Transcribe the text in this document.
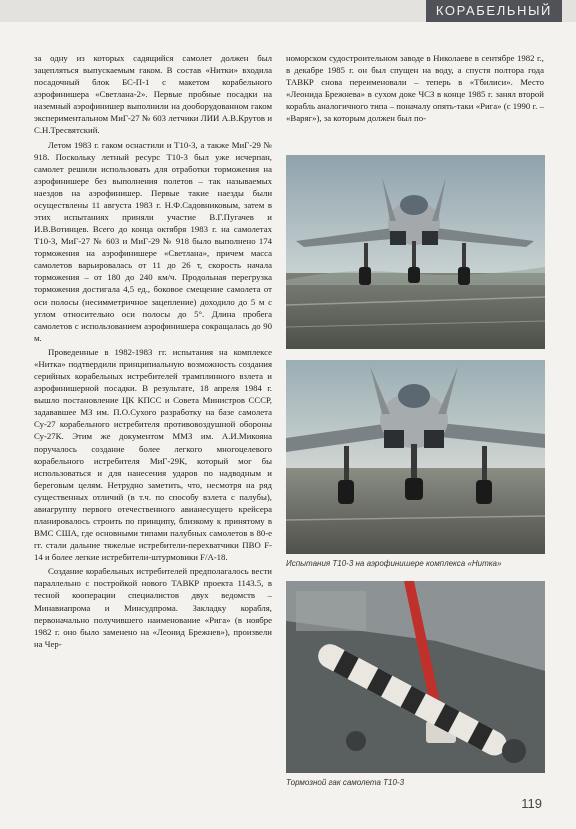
КОРАБЕЛЬНЫЙ

за одну из которых садящийся самолет должен был зацепляться выпускаемым гаком. В состав «Нитки» входила посадочный блок БС-П-1 с макетом корабельного аэрофинишера «Светлана-2». Первые пробные посадки на наземный аэрофинишер выполнили на дооборудованном гаком экспериментальном МиГ-27 № 603 летчики ЛИИ А.В.Крутов и С.Н.Тресвятский.

Летом 1983 г. гаком оснастили и Т10-3, а также МиГ-29 № 918. Поскольку летный ресурс Т10-3 был уже исчерпан, самолет решили использовать для отработки торможения на аэрофинишере без выполнения полетов – так называемых наездов на аэрофинишер. Первые такие наезды были осуществлены 11 августа 1983 г. Н.Ф.Садовниковым, затем в этих испытаниях приняли участие В.Г.Пугачев и И.В.Вотинцев. Всего до конца октября 1983 г. на самолетах Т10-3, МиГ-27 № 603 и МиГ-29 № 918 было выполнено 174 торможения на аэрофинишере «Светлана», причем масса самолетов варьировалась от 11 до 26 т, скорость начала торможения – от 180 до 240 км/ч. Продольная перегрузка торможения достигала 4,5 ед., боковое смещение самолета от оси полосы (несимметричное зацепление) доходило до 5 м с углом относительно оси полосы до 5°. Длина пробега самолетов с использованием аэрофинишера сокращалась до 90 м.

Проведенные в 1982-1983 гг. испытания на комплексе «Нитка» подтвердили принципиальную возможность создания серийных корабельных истребителей трамплинного взлета и аэрофинишерной посадки. В результате, 18 апреля 1984 г. вышло постановление ЦК КПСС и Совета Министров СССР, задававшее МЗ им. П.О.Сухого разработку на базе самолета Су-27 корабельного истребителя противовоздушной обороны Су-27К. Этим же документом ММЗ им. А.И.Микояна поручалось создание более легкого многоцелевого корабельного истребителя МиГ-29К, который мог бы использоваться и для нанесения ударов по надводным и береговым целям. Нетрудно заметить, что, несмотря на ряд существенных отличий (в т.ч. по способу взлета с палубы), авиагруппу первого отечественного авианесущего крейсера планировалось строить по принципу, близкому к принятому в ВМС США, где основными типами палубных самолетов в 80-е гг. стали дальние тяжелые истребители-перехватчики ПВО F-14 и более легкие истребители-штурмовики F/A-18.

Создание корабельных истребителей предполагалось вести параллельно с постройкой нового ТАВКР проекта 1143.5, в тесной кооперации специалистов двух ведомств – Минавиапрома и Минсудпрома. Закладку корабля, первоначально получившего наименование «Рига» (в ноябре 1982 г. оно было заменено на «Леонид Брежнев»), произвели на Чер-

номорском судостроительном заводе в Николаеве в сентябре 1982 г., в декабре 1985 г. он был спущен на воду, а спустя полтора года ТАВКР снова переименовали – теперь в «Тбилиси». Место «Леонида Брежнева» в сухом доке ЧСЗ в конце 1985 г. занял второй корабль аналогичного типа – поначалу опять-таки «Рига» (с 1990 г. – «Варяг»), за которым должен был по-

Испытания Т10-3 на аэрофинишере комплекса «Нитка»
Тормозной гак самолета Т10-3
119
